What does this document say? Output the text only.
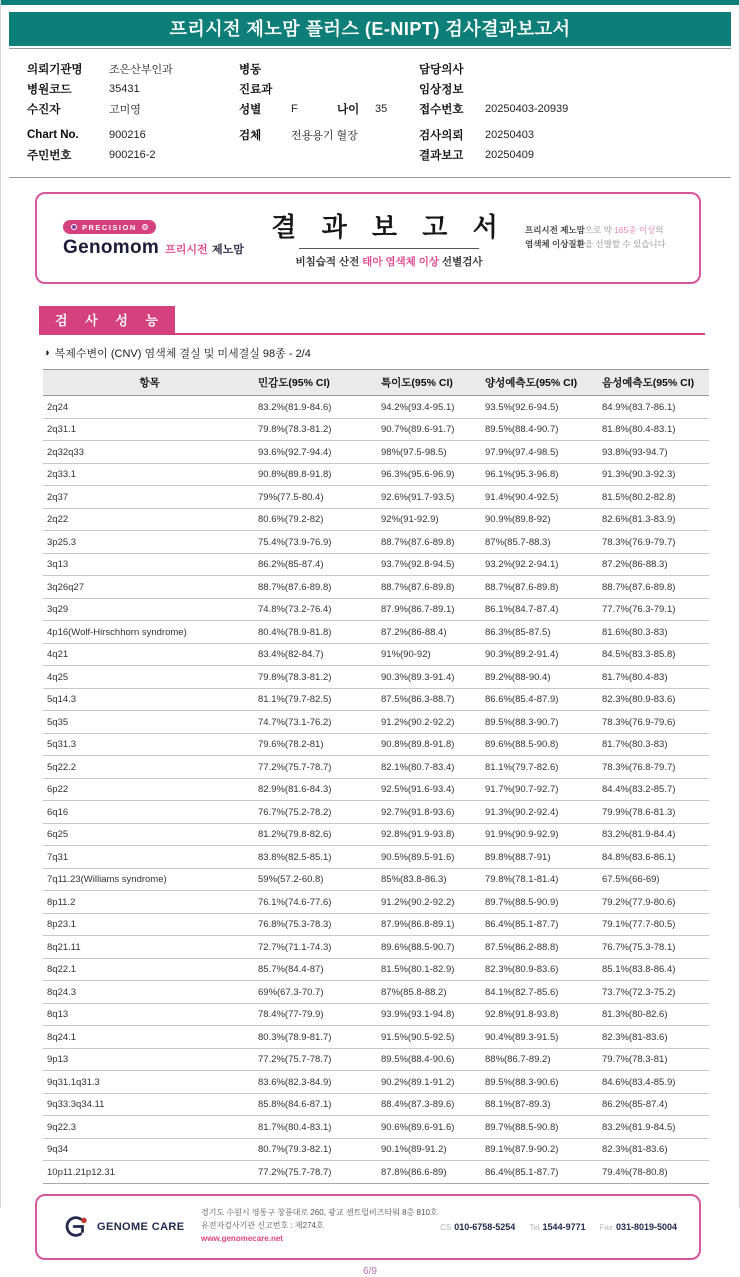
프리시전 제노맘 플러스 (E-NIPT) 검사결과보고서
의뢰기관명	조은산부인과
병원코드	35431
수진자	고미영
Chart No.	900216
주민번호	900216-2
병동
진료과
성별	F	나이	35
검체	전용용기 혈장
담당의사
임상정보
접수번호	20250403-20939
검사의뢰	20250403
결과보고	20250409
PRECISION
Genomom 프리시전 제노맘
결 과 보 고 서
비침습적 산전 태아 염색체 이상 선별검사
프리시전 제노맘으로 약 165종 이상의
염색체 이상질환을 선별할 수 있습니다
검 사 성 능
◑ 복제수변이 (CNV) 염색체 결실 및 미세결실 98종 - 2/4
항목	민감도(95% CI)	특이도(95% CI)	양성예측도(95% CI)	음성예측도(95% CI)
2q24	83.2%(81.9-84.6)	94.2%(93.4-95.1)	93.5%(92.6-94.5)	84.9%(83.7-86.1)
2q31.1	79.8%(78.3-81.2)	90.7%(89.6-91.7)	89.5%(88.4-90.7)	81.8%(80.4-83.1)
2q32q33	93.6%(92.7-94.4)	98%(97.5-98.5)	97.9%(97.4-98.5)	93.8%(93-94.7)
2q33.1	90.8%(89.8-91.8)	96.3%(95.6-96.9)	96.1%(95.3-96.8)	91.3%(90.3-92.3)
2q37	79%(77.5-80.4)	92.6%(91.7-93.5)	91.4%(90.4-92.5)	81.5%(80.2-82.8)
2q22	80.6%(79.2-82)	92%(91-92.9)	90.9%(89.8-92)	82.6%(81.3-83.9)
3p25.3	75.4%(73.9-76.9)	88.7%(87.6-89.8)	87%(85.7-88.3)	78.3%(76.9-79.7)
3q13	86.2%(85-87.4)	93.7%(92.8-94.5)	93.2%(92.2-94.1)	87.2%(86-88.3)
3q26q27	88.7%(87.6-89.8)	88.7%(87.6-89.8)	88.7%(87.6-89.8)	88.7%(87.6-89.8)
3q29	74.8%(73.2-76.4)	87.9%(86.7-89.1)	86.1%(84.7-87.4)	77.7%(76.3-79.1)
4p16(Wolf-Hirschhorn syndrome)	80.4%(78.9-81.8)	87.2%(86-88.4)	86.3%(85-87.5)	81.6%(80.3-83)
4q21	83.4%(82-84.7)	91%(90-92)	90.3%(89.2-91.4)	84.5%(83.3-85.8)
4q25	79.8%(78.3-81.2)	90.3%(89.3-91.4)	89.2%(88-90.4)	81.7%(80.4-83)
5q14.3	81.1%(79.7-82.5)	87.5%(86.3-88.7)	86.6%(85.4-87.9)	82.3%(80.9-83.6)
5q35	74.7%(73.1-76.2)	91.2%(90.2-92.2)	89.5%(88.3-90.7)	78.3%(76.9-79.6)
5q31.3	79.6%(78.2-81)	90.8%(89.8-91.8)	89.6%(88.5-90.8)	81.7%(80.3-83)
5q22.2	77.2%(75.7-78.7)	82.1%(80.7-83.4)	81.1%(79.7-82.6)	78.3%(76.8-79.7)
6p22	82.9%(81.6-84.3)	92.5%(91.6-93.4)	91.7%(90.7-92.7)	84.4%(83.2-85.7)
6q16	76.7%(75.2-78.2)	92.7%(91.8-93.6)	91.3%(90.2-92.4)	79.9%(78.6-81.3)
6q25	81.2%(79.8-82.6)	92.8%(91.9-93.8)	91.9%(90.9-92.9)	83.2%(81.9-84.4)
7q31	83.8%(82.5-85.1)	90.5%(89.5-91.6)	89.8%(88.7-91)	84.8%(83.6-86.1)
7q11.23(Williams syndrome)	59%(57.2-60.8)	85%(83.8-86.3)	79.8%(78.1-81.4)	67.5%(66-69)
8p11.2	76.1%(74.6-77.6)	91.2%(90.2-92.2)	89.7%(88.5-90.9)	79.2%(77.9-80.6)
8p23.1	76.8%(75.3-78.3)	87.9%(86.8-89.1)	86.4%(85.1-87.7)	79.1%(77.7-80.5)
8q21.11	72.7%(71.1-74.3)	89.6%(88.5-90.7)	87.5%(86.2-88.8)	76.7%(75.3-78.1)
8q22.1	85.7%(84.4-87)	81.5%(80.1-82.9)	82.3%(80.9-83.6)	85.1%(83.8-86.4)
8q24.3	69%(67.3-70.7)	87%(85.8-88.2)	84.1%(82.7-85.6)	73.7%(72.3-75.2)
8q13	78.4%(77-79.9)	93.9%(93.1-94.8)	92.8%(91.8-93.8)	81.3%(80-82.6)
8q24.1	80.3%(78.9-81.7)	91.5%(90.5-92.5)	90.4%(89.3-91.5)	82.3%(81-83.6)
9p13	77.2%(75.7-78.7)	89.5%(88.4-90.6)	88%(86.7-89.2)	79.7%(78.3-81)
9q31.1q31.3	83.6%(82.3-84.9)	90.2%(89.1-91.2)	89.5%(88.3-90.6)	84.6%(83.4-85.9)
9q33.3q34.11	85.8%(84.6-87.1)	88.4%(87.3-89.6)	88.1%(87-89.3)	86.2%(85-87.4)
9q22.3	81.7%(80.4-83.1)	90.6%(89.6-91.6)	89.7%(88.5-90.8)	83.2%(81.9-84.5)
9q34	80.7%(79.3-82.1)	90.1%(89-91.2)	89.1%(87.9-90.2)	82.3%(81-83.6)
10p11.21p12.31	77.2%(75.7-78.7)	87.8%(86.6-89)	86.4%(85.1-87.7)	79.4%(78-80.8)
GENOME CARE
경기도 수원시 영통구 창룡대로 260, 광교 센트럴비즈타워 8층 810호
유전자검사기관 신고번호 : 제274호
www.genomecare.net
CS 010-6758-5254 Tel 1544-9771 Fax 031-8019-5004
6/9
